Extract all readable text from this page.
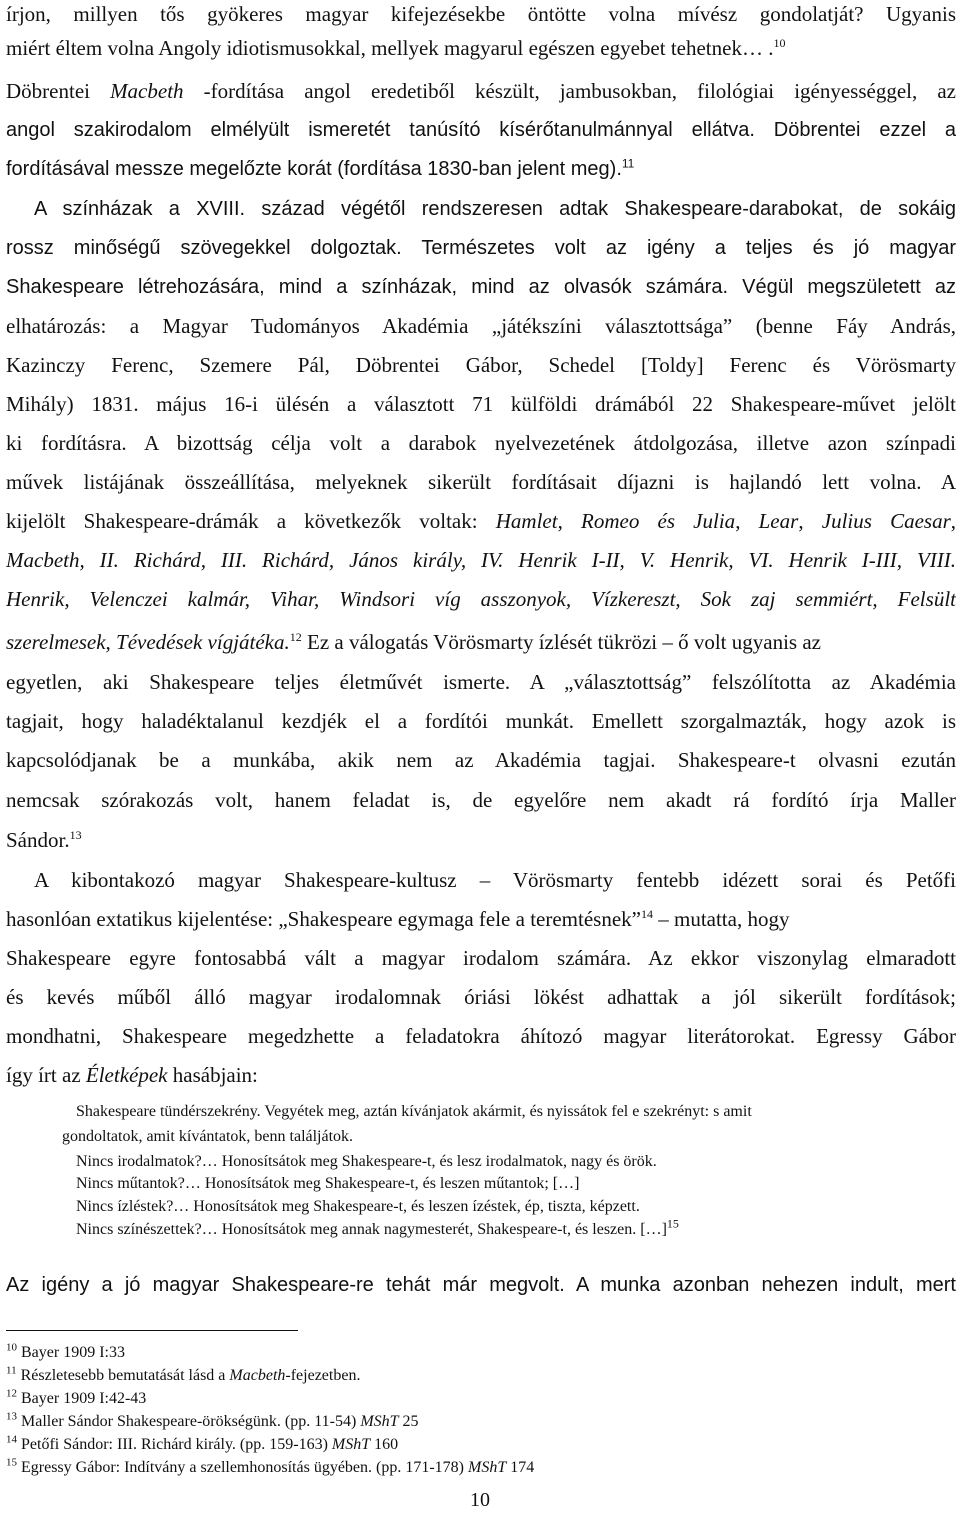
írjon, millyen tős gyökeres magyar kifejezésekbe öntötte volna mívész gondolatját? Ugyanis
miért éltem volna Angoly idiotismusokkal, mellyek magyarul egészen egyebet tehetnek… .$^{10}$
Döbrentei Macbeth -fordítása angol eredetiből készült, jambusokban, filológiai igényességgel, az
angol szakirodalom elmélyült ismeretét tanúsító kísérőtanulmánnyal ellátva. Döbrentei ezzel a
fordításával messze megelőzte korát (fordítása 1830-ban jelent meg).$^{11}$
A színházak a XVIII. század végétől rendszeresen adtak Shakespeare-darabokat, de sokáig
rossz minőségű szövegekkel dolgoztak. Természetes volt az igény a teljes és jó magyar
Shakespeare létrehozására, mind a színházak, mind az olvasók számára. Végül megszületett az
elhatározás: a Magyar Tudományos Akadémia „játékszíni választottsága” (benne Fáy András,
Kazinczy Ferenc, Szemere Pál, Döbrentei Gábor, Schedel [Toldy] Ferenc és Vörösmarty
Mihály) 1831. május 16-i ülésén a választott 71 külföldi drámából 22 Shakespeare-művet jelölt
ki fordításra. A bizottság célja volt a darabok nyelvezetének átdolgozása, illetve azon színpadi
művek listájának összeállítása, melyeknek sikerült fordításait díjazni is hajlandó lett volna. A
kijelölt Shakespeare-drámák a következők voltak: Hamlet, Romeo és Julia, Lear, Julius Caesar,
Macbeth, II. Richárd, III. Richárd, János király, IV. Henrik I-II, V. Henrik, VI. Henrik I-III, VIII.
Henrik, Velenczei kalmár, Vihar, Windsori víg asszonyok, Vízkereszt, Sok zaj semmiért, Felsült
szerelmesek, Tévedések vígjátéka.$^{12}$ Ez a válogatás Vörösmarty ízlését tükrözi – ő volt ugyanis az
egyetlen, aki Shakespeare teljes életművét ismerte. A „választottság” felszólította az Akadémia
tagjait, hogy haladéktalanul kezdjék el a fordítói munkát. Emellett szorgalmazták, hogy azok is
kapcsolódjanak be a munkába, akik nem az Akadémia tagjai. Shakespeare-t olvasni ezután
nemcsak szórakozás volt, hanem feladat is, de egyelőre nem akadt rá fordító írja Maller
Sándor.$^{13}$
A kibontakozó magyar Shakespeare-kultusz – Vörösmarty fentebb idézett sorai és Petőfi
hasonlóan extatikus kijelentése: „Shakespeare egymaga fele a teremtésnek”$^{14}$ – mutatta, hogy
Shakespeare egyre fontosabbá vált a magyar irodalom számára. Az ekkor viszonylag elmaradott
és kevés műből álló magyar irodalomnak óriási lökést adhattak a jól sikerült fordítások;
mondhatni, Shakespeare megedzhette a feladatokra áhítozó magyar literátorokat. Egressy Gábor
így írt az Életképek hasábjain:
Shakespeare tündérszekrény. Vegyétek meg, aztán kívánjatok akármit, és nyissátok fel e szekrényt: s amit
gondoltatok, amit kívántatok, benn találjátok.
Nincs irodalmatok?… Honosítsátok meg Shakespeare-t, és lesz irodalmatok, nagy és örök.
Nincs műtantok?… Honosítsátok meg Shakespeare-t, és leszen műtantok; […]
Nincs ízléstek?… Honosítsátok meg Shakespeare-t, és leszen ízéstek, ép, tiszta, képzett.
Nincs színészettek?… Honosítsátok meg annak nagymesterét, Shakespeare-t, és leszen. […]$^{15}$
Az igény a jó magyar Shakespeare-re tehát már megvolt. A munka azonban nehezen indult, mert
$^{10}$ Bayer 1909 I:33
$^{11}$ Részletesebb bemutatását lásd a Macbeth-fejezetben.
$^{12}$ Bayer 1909 I:42-43
$^{13}$ Maller Sándor Shakespeare-örökségünk. (pp. 11-54) MShT 25
$^{14}$ Petőfi Sándor: III. Richárd király. (pp. 159-163) MShT 160
$^{15}$ Egressy Gábor: Indítvány a szellemhonosítás ügyében. (pp. 171-178) MShT 174
10
